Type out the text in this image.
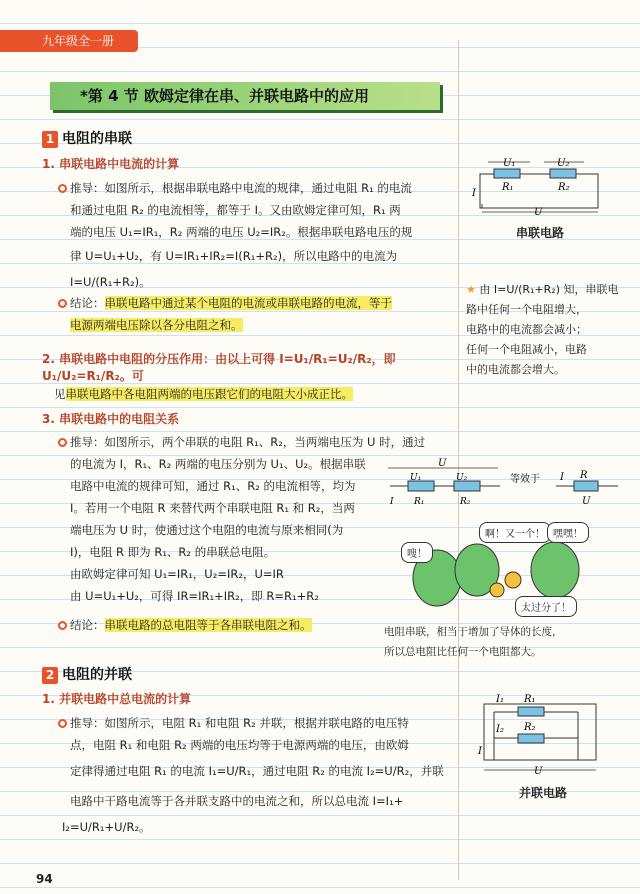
九年级全一册
*第 4 节 欧姆定律在串、并联电路中的应用
1 电阻的串联
1. 串联电路中电流的计算
推导：如图所示，根据串联电路中电流的规律，通过电阻 R₁ 的电流
和通过电阻 R₂ 的电流相等，都等于 I。又由欧姆定律可知，R₁ 两
端的电压 U₁=IR₁，R₂ 两端的电压 U₂=IR₂。根据串联电路电压的规
律 U=U₁+U₂，有 U=IR₁+IR₂=I(R₁+R₂)，所以电路中的电流为 I=U/(R₁+R₂)。
结论：串联电路中通过某个电阻的电流或串联电路的电流，等于
电源两端电压除以各分电阻之和。
2. 串联电路中电阻的分压作用：由以上可得 I=U₁/R₁=U₂/R₂，即 U₁/U₂=R₁/R₂。可
见串联电路中各电阻两端的电压跟它们的电阻大小成正比。
3. 串联电路中的电阻关系
推导：如图所示，两个串联的电阻 R₁、R₂，当两端电压为 U 时，通过
的电流为 I，R₁、R₂ 两端的电压分别为 U₁、U₂。根据串联
电路中电流的规律可知，通过 R₁、R₂ 的电流相等，均为
I。若用一个电阻 R 来替代两个串联电阻 R₁ 和 R₂，当两
端电压为 U 时，使通过这个电阻的电流与原来相同(为
I)，电阻 R 即为 R₁、R₂ 的串联总电阻。
由欧姆定律可知 U₁=IR₁，U₂=IR₂，U=IR
由 U=U₁+U₂，可得 IR=IR₁+IR₂，即 R=R₁+R₂
结论：串联电路的总电阻等于各串联电阻之和。
U₁	U₂
R₁	R₂
I
U
串联电路
★ 由 I=U/(R₁+R₂) 知，串联电
路中任何一个电阻增大，
电路中的电流都会减小；
任何一个电阻减小，电路
中的电流都会增大。
U
U₁	U₂
R₁	R₂
I
等效于 I R
U
啊！又一个！ 嘿嘿！
嗖！
太过分了！
电阻串联，相当于增加了导体的长度，
所以总电阻比任何一个电阻都大。
2 电阻的并联
1. 并联电路中总电流的计算
推导：如图所示，电阻 R₁ 和电阻 R₂ 并联，根据并联电路的电压特
点，电阻 R₁ 和电阻 R₂ 两端的电压均等于电源两端的电压，由欧姆
定律得通过电阻 R₁ 的电流 I₁=U/R₁，通过电阻 R₂ 的电流 I₂=U/R₂，并联
电路中干路电流等于各并联支路中的电流之和，所以总电流 I=I₁+
I₂=U/R₁+U/R₂。
I₁ R₁
I₂ R₂
I
U
并联电路
94
